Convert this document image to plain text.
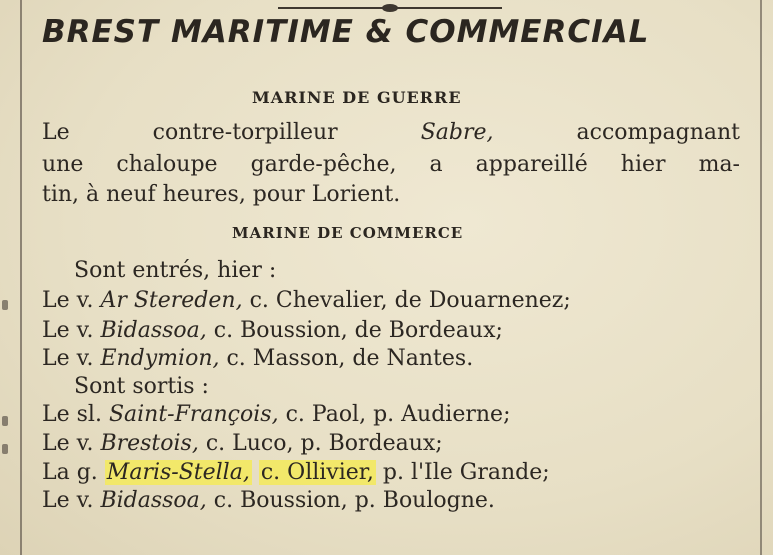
BREST MARITIME & COMMERCIAL
MARINE DE GUERRE
Le contre-torpilleur	Sabre,	accompagnant
une chaloupe garde-pêche, a appareillé hier ma-
tin, à neuf heures, pour Lorient.
MARINE DE COMMERCE
Sont entrés, hier :
Le v. Ar Stereden, c. Chevalier, de Douarnenez;
Le v. Bidassoa, c. Boussion, de Bordeaux;
Le v. Endymion, c. Masson, de Nantes.
Sont sortis :
Le sl. Saint-François, c. Paol, p. Audierne;
Le v. Brestois, c. Luco, p. Bordeaux;
La g. Maris-Stella, c. Ollivier, p. l'Ile Grande;
Le v. Bidassoa, c. Boussion, p. Boulogne.
